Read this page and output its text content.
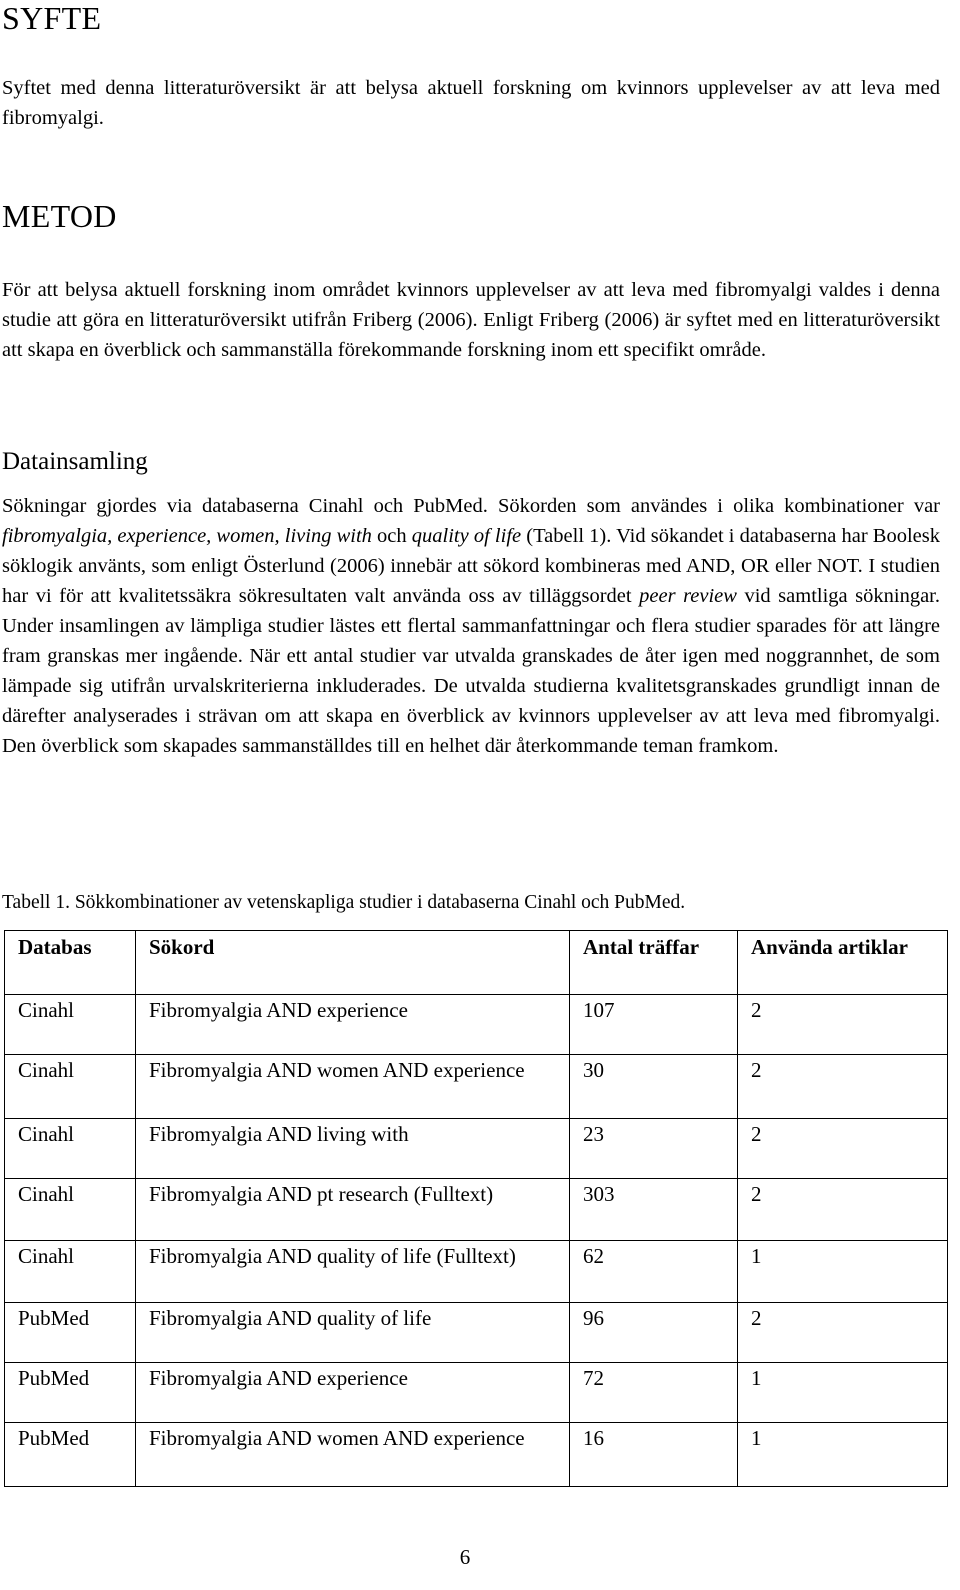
SYFTE

Syftet med denna litteraturöversikt är att belysa aktuell forskning om kvinnors upplevelser av att leva med fibromyalgi.

METOD

För att belysa aktuell forskning inom området kvinnors upplevelser av att leva med fibromyalgi valdes i denna studie att göra en litteraturöversikt utifrån Friberg (2006). Enligt Friberg (2006) är syftet med en litteraturöversikt att skapa en överblick och sammanställa förekommande forskning inom ett specifikt område.

Datainsamling

Sökningar gjordes via databaserna Cinahl och PubMed. Sökorden som användes i olika kombinationer var fibromyalgia, experience, women, living with och quality of life (Tabell 1). Vid sökandet i databaserna har Boolesk söklogik använts, som enligt Österlund (2006) innebär att sökord kombineras med AND, OR eller NOT. I studien har vi för att kvalitetssäkra sökresultaten valt använda oss av tilläggsordet peer review vid samtliga sökningar. Under insamlingen av lämpliga studier lästes ett flertal sammanfattningar och flera studier sparades för att längre fram granskas mer ingående. När ett antal studier var utvalda granskades de åter igen med noggrannhet, de som lämpade sig utifrån urvalskriterierna inkluderades. De utvalda studierna kvalitetsgranskades grundligt innan de därefter analyserades i strävan om att skapa en överblick av kvinnors upplevelser av att leva med fibromyalgi. Den överblick som skapades sammanställdes till en helhet där återkommande teman framkom.

Tabell 1. Sökkombinationer av vetenskapliga studier i databaserna Cinahl och PubMed.

Databas	Sökord	Antal träffar	Använda artiklar
Cinahl	Fibromyalgia AND experience	107	2
Cinahl	Fibromyalgia AND women AND experience	30	2
Cinahl	Fibromyalgia AND living with	23	2
Cinahl	Fibromyalgia AND pt research (Fulltext)	303	2
Cinahl	Fibromyalgia AND quality of life (Fulltext)	62	1
PubMed	Fibromyalgia AND quality of life	96	2
PubMed	Fibromyalgia AND experience	72	1
PubMed	Fibromyalgia AND women AND experience	16	1
6
